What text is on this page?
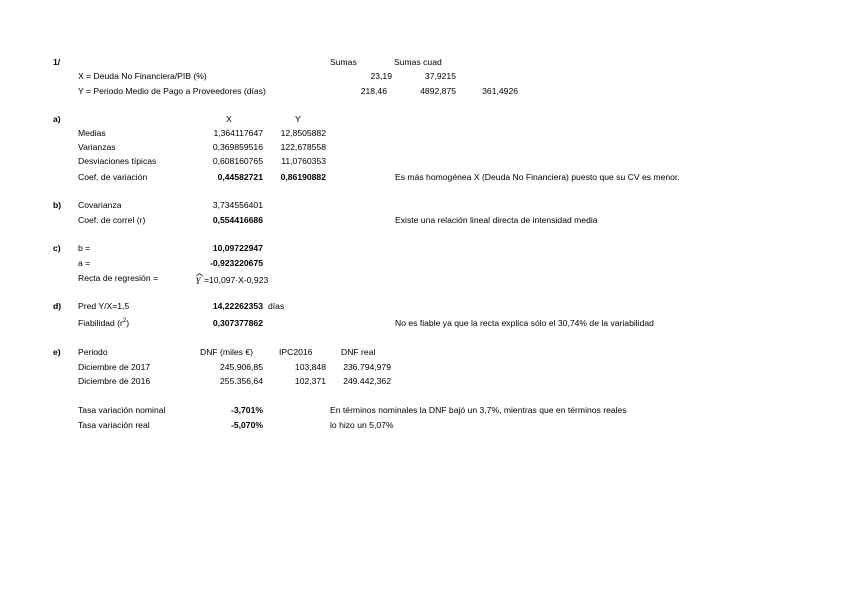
1/	Sumas	Sumas cuad
X = Deuda No Financiera/PIB (%)	23,19	37,9215
Y = Periodo Medio de Pago a Proveedores (días)	218,46	4892,875	361,4926
a)	X	Y
Medias	1,364117647	12,8505882
Varianzas	0,369859516	122,678558
Desviaciones típicas	0,608160765	11,0760353
Coef. de variación	0,44582721	0,86190882	Es más homogénea X (Deuda No Financiera) puesto que su CV es menor.
b) Covarianza	3,734556401
Coef. de correl (r)	0,554416686	Existe una relación lineal directa de intensidad media
c) b =	10,09722947
a =	-0,923220675
Recta de regresión =	Y =10,097·X-0,923
d) Pred Y/X=1,5	14,22262353 días
Fiabilidad $(r^2)$	0,307377862	No es fiable ya que la recta explica sólo el 30,74% de la variabilidad
e) Periodo	DNF (miles €)	IPC2016	DNF real
Diciembre de 2017	245.906,85	103,848	236.794,979
Diciembre de 2016	255.356,64	102,371	249.442,362
Tasa variación nominal	-3,701%	En términos nominales la DNF bajó un 3,7%, mientras que en términos reales
Tasa variación real	-5,070%	lo hizo un 5,07%
